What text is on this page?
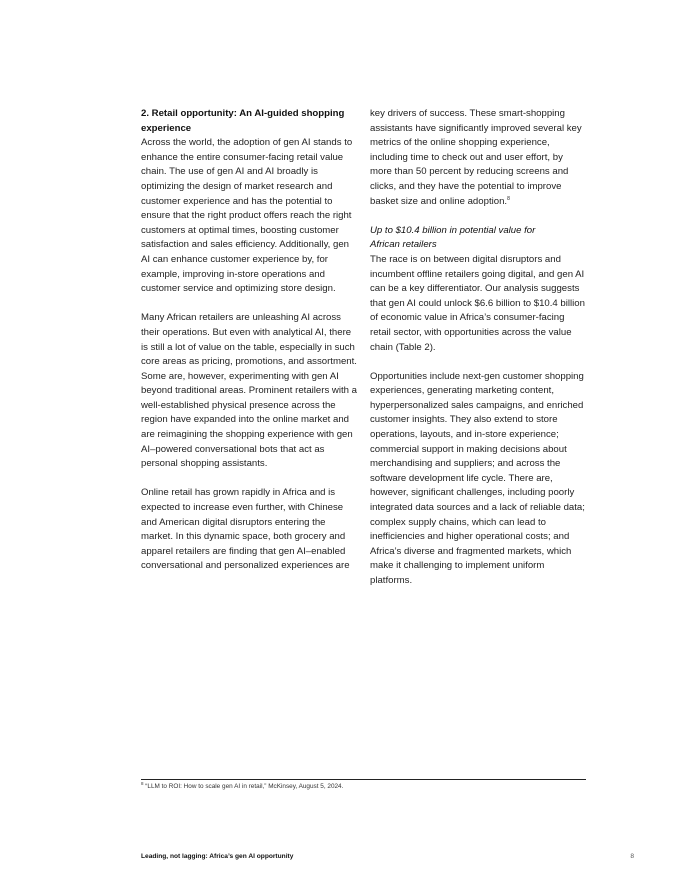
2. Retail opportunity: An AI-guided shopping
experience

Across the world, the adoption of gen AI stands to enhance the entire consumer-facing retail value chain. The use of gen AI and AI broadly is optimizing the design of market research and customer experience and has the potential to ensure that the right product offers reach the right customers at optimal times, boosting customer satisfaction and sales efficiency. Additionally, gen AI can enhance customer experience by, for example, improving in-store operations and customer service and optimizing store design.

Many African retailers are unleashing AI across their operations. But even with analytical AI, there is still a lot of value on the table, especially in such core areas as pricing, promotions, and assortment. Some are, however, experimenting with gen AI beyond traditional areas. Prominent retailers with a well-established physical presence across the region have expanded into the online market and are reimagining the shopping experience with gen AI–powered conversational bots that act as personal shopping assistants.

Online retail has grown rapidly in Africa and is expected to increase even further, with Chinese and American digital disruptors entering the market. In this dynamic space, both grocery and apparel retailers are finding that gen AI–enabled conversational and personalized experiences are

key drivers of success. These smart-shopping assistants have significantly improved several key metrics of the online shopping experience, including time to check out and user effort, by more than 50 percent by reducing screens and clicks, and they have the potential to improve basket size and online adoption.$^8$

Up to $10.4 billion in potential value for
African retailers

The race is on between digital disruptors and incumbent offline retailers going digital, and gen AI can be a key differentiator. Our analysis suggests that gen AI could unlock $6.6 billion to $10.4 billion of economic value in Africa’s consumer-facing retail sector, with opportunities across the value chain (Table 2).

Opportunities include next-gen customer shopping experiences, generating marketing content, hyperpersonalized sales campaigns, and enriched customer insights. They also extend to store operations, layouts, and in-store experience; commercial support in making decisions about merchandising and suppliers; and across the software development life cycle. There are, however, significant challenges, including poorly integrated data sources and a lack of reliable data; complex supply chains, which can lead to inefficiencies and higher operational costs; and Africa’s diverse and fragmented markets, which make it challenging to implement uniform platforms.

$^8$ “LLM to ROI: How to scale gen AI in retail,” McKinsey, August 5, 2024.
Leading, not lagging: Africa’s gen AI opportunity	8
